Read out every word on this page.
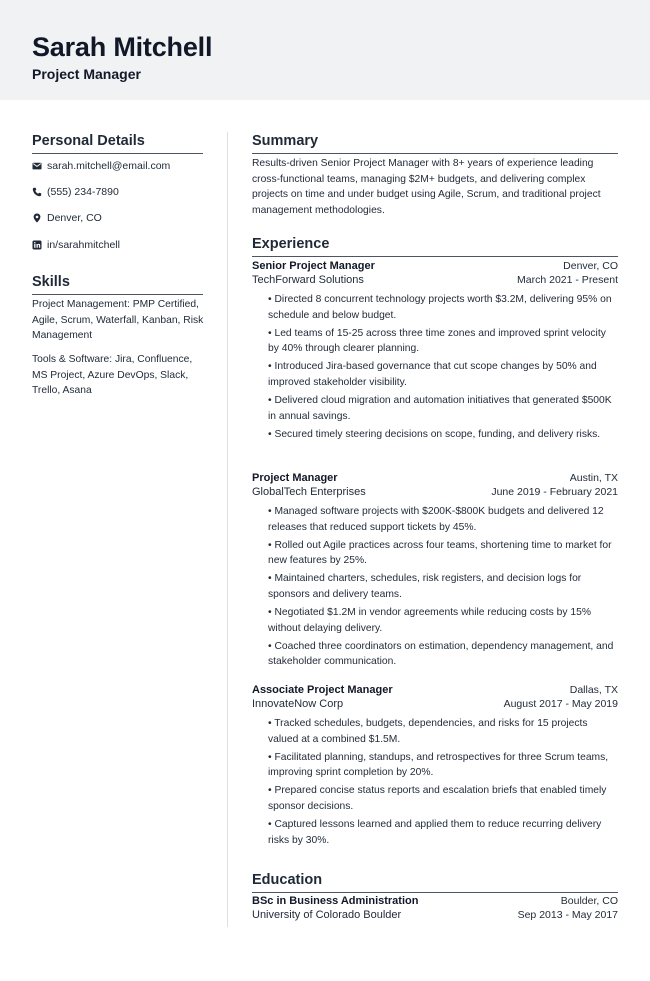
Sarah Mitchell
Project Manager
Personal Details
sarah.mitchell@email.com
(555) 234-7890
Denver, CO
in/sarahmitchell
Skills
Project Management: PMP Certified, Agile, Scrum, Waterfall, Kanban, Risk Management
Tools & Software: Jira, Confluence, MS Project, Azure DevOps, Slack, Trello, Asana
Summary
Results-driven Senior Project Manager with 8+ years of experience leading cross-functional teams, managing $2M+ budgets, and delivering complex projects on time and under budget using Agile, Scrum, and traditional project management methodologies.
Experience
Senior Project Manager	Denver, CO
TechForward Solutions	March 2021 - Present
• Directed 8 concurrent technology projects worth $3.2M, delivering 95% on schedule and below budget.
• Led teams of 15-25 across three time zones and improved sprint velocity by 40% through clearer planning.
• Introduced Jira-based governance that cut scope changes by 50% and improved stakeholder visibility.
• Delivered cloud migration and automation initiatives that generated $500K in annual savings.
• Secured timely steering decisions on scope, funding, and delivery risks.
Project Manager	Austin, TX
GlobalTech Enterprises	June 2019 - February 2021
• Managed software projects with $200K-$800K budgets and delivered 12 releases that reduced support tickets by 45%.
• Rolled out Agile practices across four teams, shortening time to market for new features by 25%.
• Maintained charters, schedules, risk registers, and decision logs for sponsors and delivery teams.
• Negotiated $1.2M in vendor agreements while reducing costs by 15% without delaying delivery.
• Coached three coordinators on estimation, dependency management, and stakeholder communication.
Associate Project Manager	Dallas, TX
InnovateNow Corp	August 2017 - May 2019
• Tracked schedules, budgets, dependencies, and risks for 15 projects valued at a combined $1.5M.
• Facilitated planning, standups, and retrospectives for three Scrum teams, improving sprint completion by 20%.
• Prepared concise status reports and escalation briefs that enabled timely sponsor decisions.
• Captured lessons learned and applied them to reduce recurring delivery risks by 30%.
Education
BSc in Business Administration	Boulder, CO
University of Colorado Boulder	Sep 2013 - May 2017
